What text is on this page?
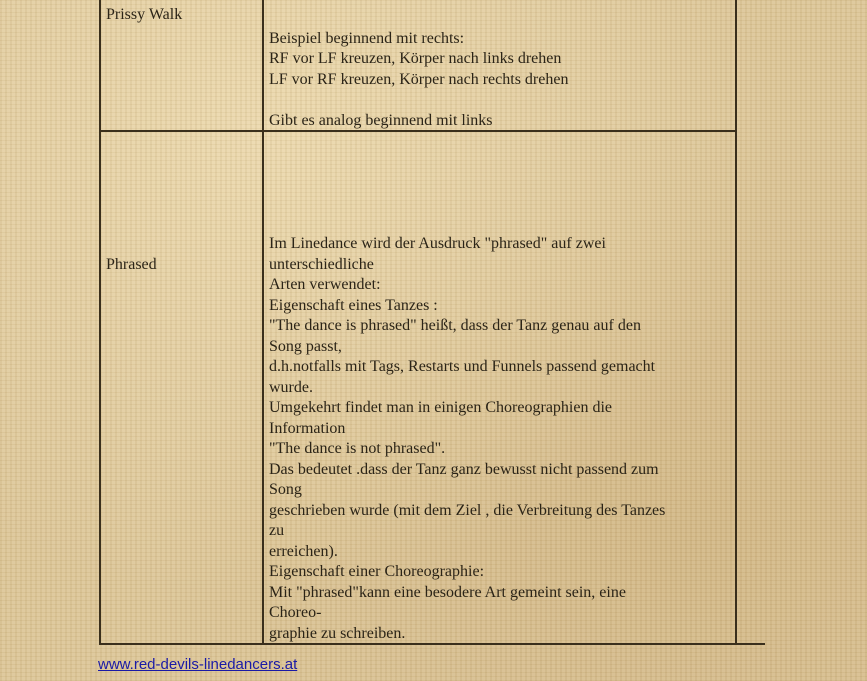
Prissy Walk
Beispiel beginnend mit rechts:
RF vor LF kreuzen, Körper nach links drehen
LF vor RF kreuzen, Körper nach rechts drehen
Gibt es analog beginnend mit links
Phrased
Im Linedance wird der Ausdruck "phrased" auf zwei
unterschiedliche
Arten verwendet:
Eigenschaft eines Tanzes :
"The dance is phrased" heißt, dass der Tanz genau auf den
Song passt,
d.h.notfalls mit Tags, Restarts und Funnels passend gemacht
wurde.
Umgekehrt findet man in einigen Choreographien die
Information
"The dance is not phrased".
Das bedeutet .dass der Tanz ganz bewusst nicht passend zum
Song
geschrieben wurde (mit dem Ziel , die Verbreitung des Tanzes
zu
erreichen).
Eigenschaft einer Choreographie:
Mit "phrased"kann eine besodere Art gemeint sein, eine
Choreo-
graphie zu schreiben.
www.red-devils-linedancers.at
